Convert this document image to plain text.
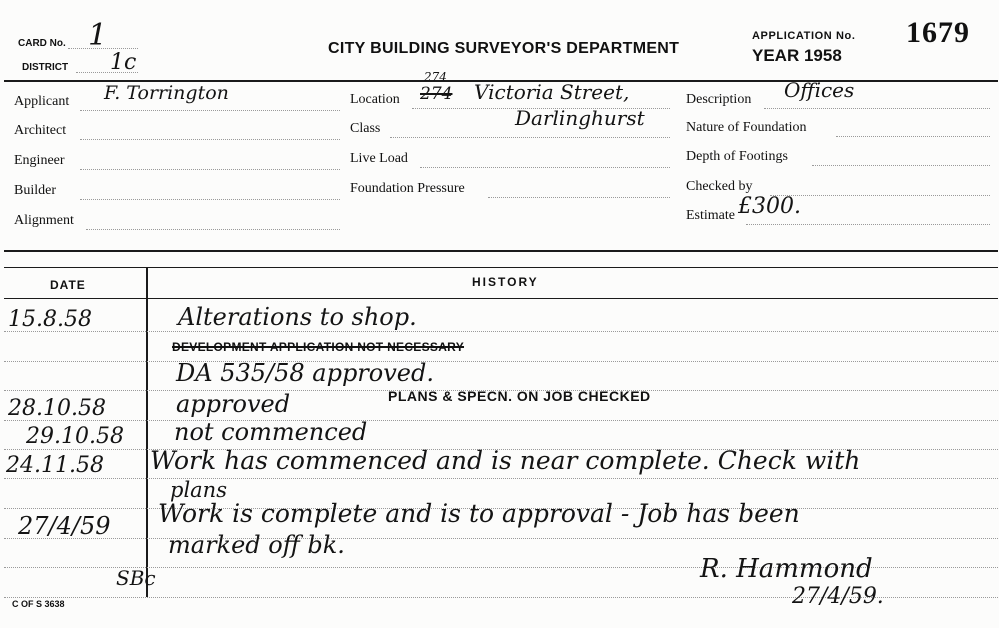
CARD No. 1
DISTRICT 1c
CITY BUILDING SURVEYOR'S DEPARTMENT
APPLICATION No.
YEAR 1958
1679
Applicant F. Torrington
Architect
Engineer
Builder
Alignment
Location 274
274
Victoria Street,
Darlinghurst
Class
Live Load
Foundation Pressure
Description Offices
Nature of Foundation
Depth of Footings
Checked by
Estimate £300.
DATE	HISTORY
15.8.58	Alterations to shop.
DEVELOPMENT APPLICATION NOT NECESSARY
DA 535/58 approved.
28.10.58	approved	PLANS & SPECN. ON JOB CHECKED
29.10.58 not commenced
24.11.58 Work has commenced and is near complete. Check with
plans
27/4/59 Work is complete and is to approval - Job has been
marked off bk.
SBc	R. Hammond
27/4/59.
C OF S 3638
